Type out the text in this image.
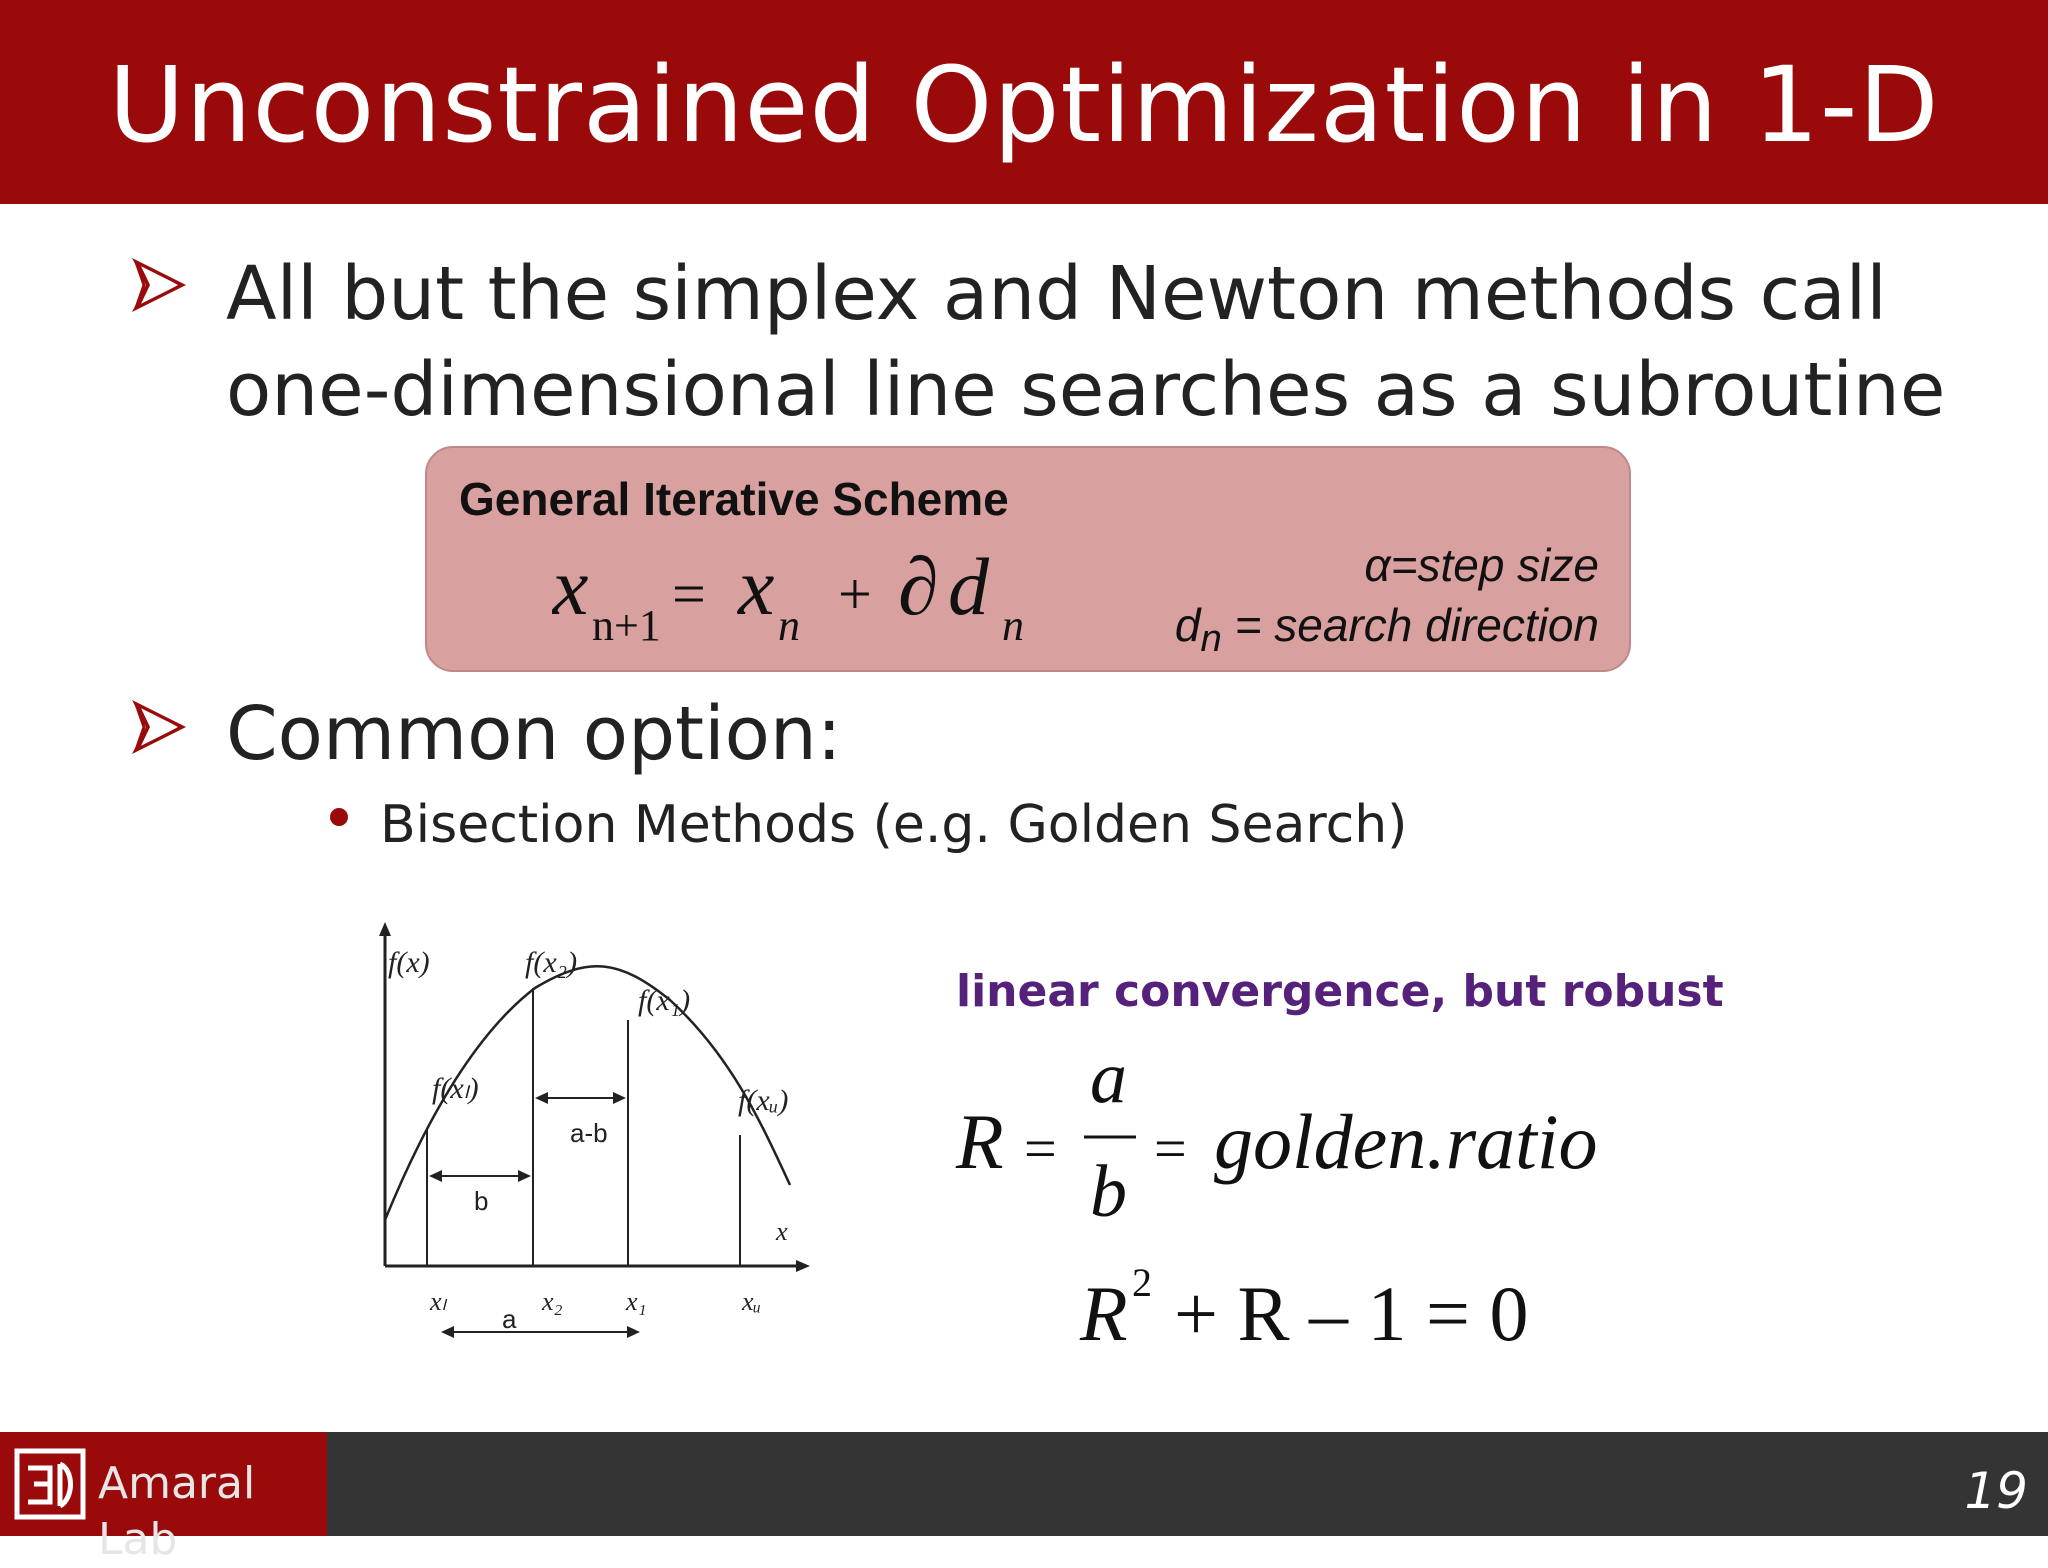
Unconstrained Optimization in 1-D
All but the simplex and Newton methods call one-dimensional line searches as a subroutine
General Iterative Scheme
x n+1 = x n + ∂ d n
α=step size
$d_n$ = search direction
Common option:
Bisection Methods (e.g. Golden Search)
f(x)	f(x₂)
f(x₁)
f(xₗ)	f(xᵤ)
a-b
b
a
x
xₗ	x₂ x₁	xᵤ
linear convergence, but robust
R =
a
b
= golden.ratio
R 2 + R – 1 = 0
Amaral Lab
19
